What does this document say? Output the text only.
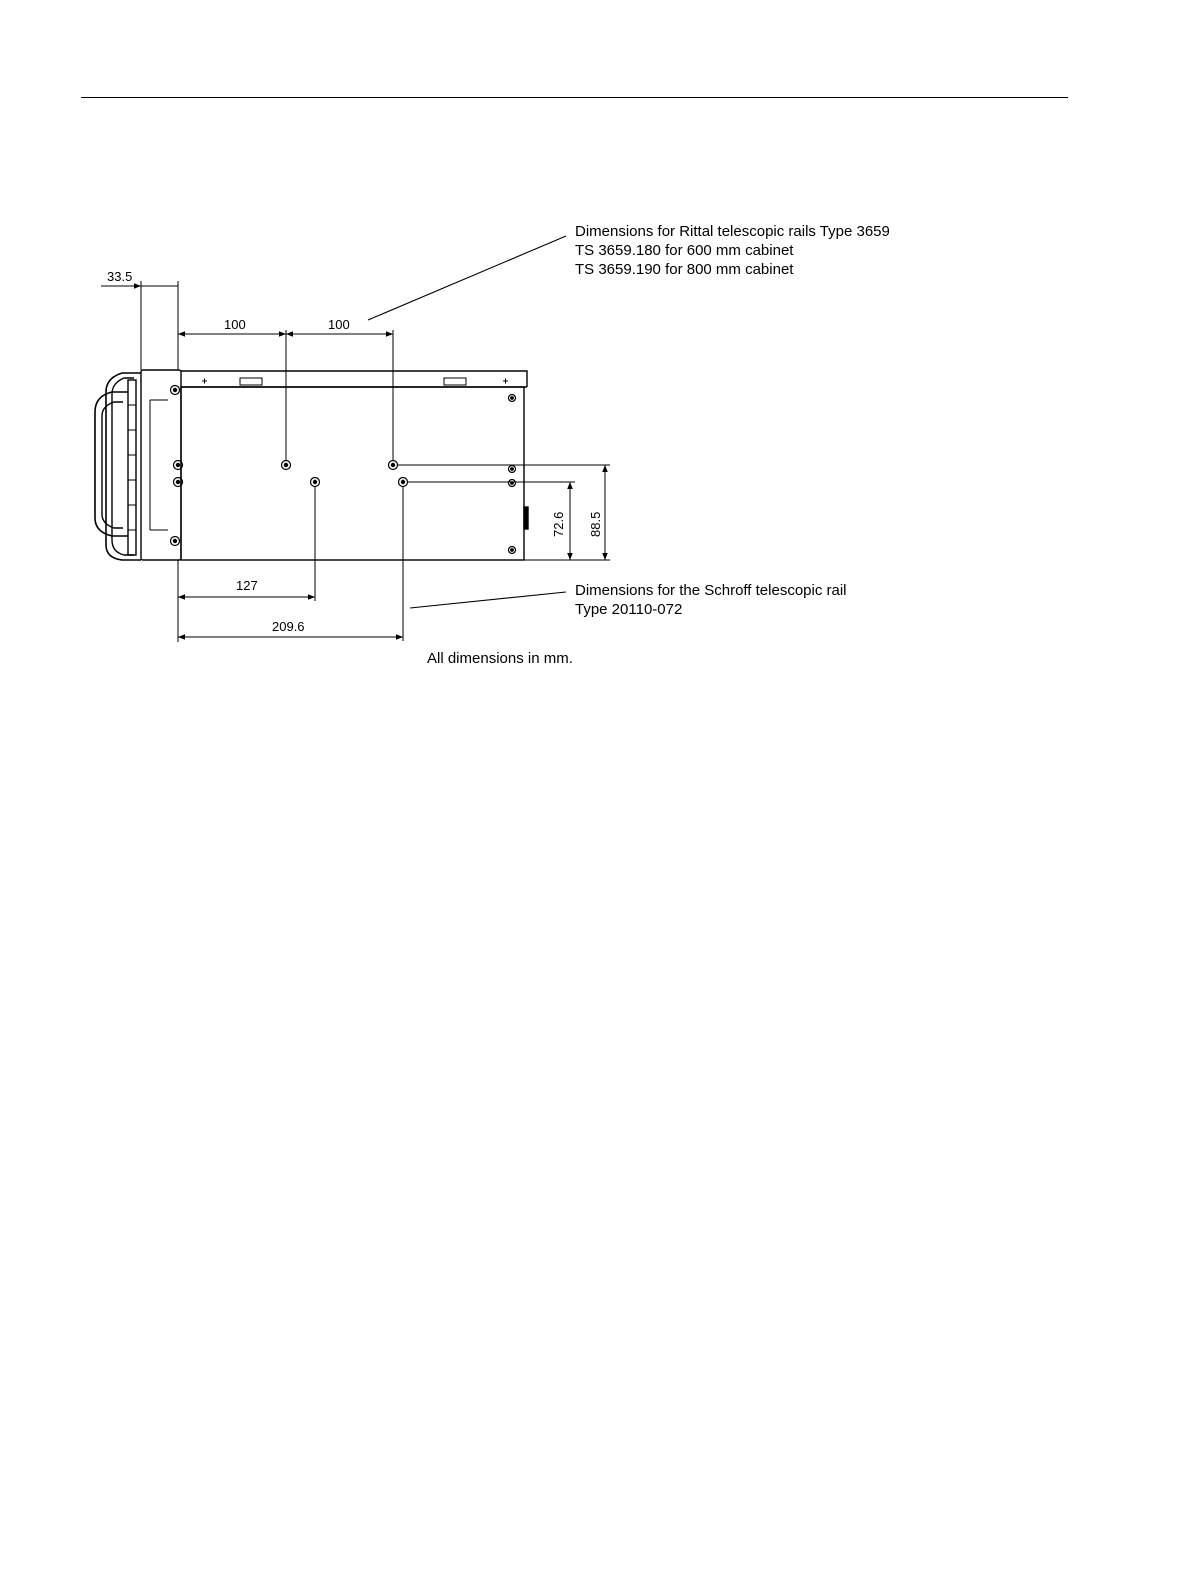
33.5
100	100
127
209.6
72.6 88.5
Dimensions for Rittal telescopic rails Type 3659
TS 3659.180 for 600 mm cabinet
TS 3659.190 for 800 mm cabinet
Dimensions for the Schroff telescopic rail
Type 20110-072
All dimensions in mm.
